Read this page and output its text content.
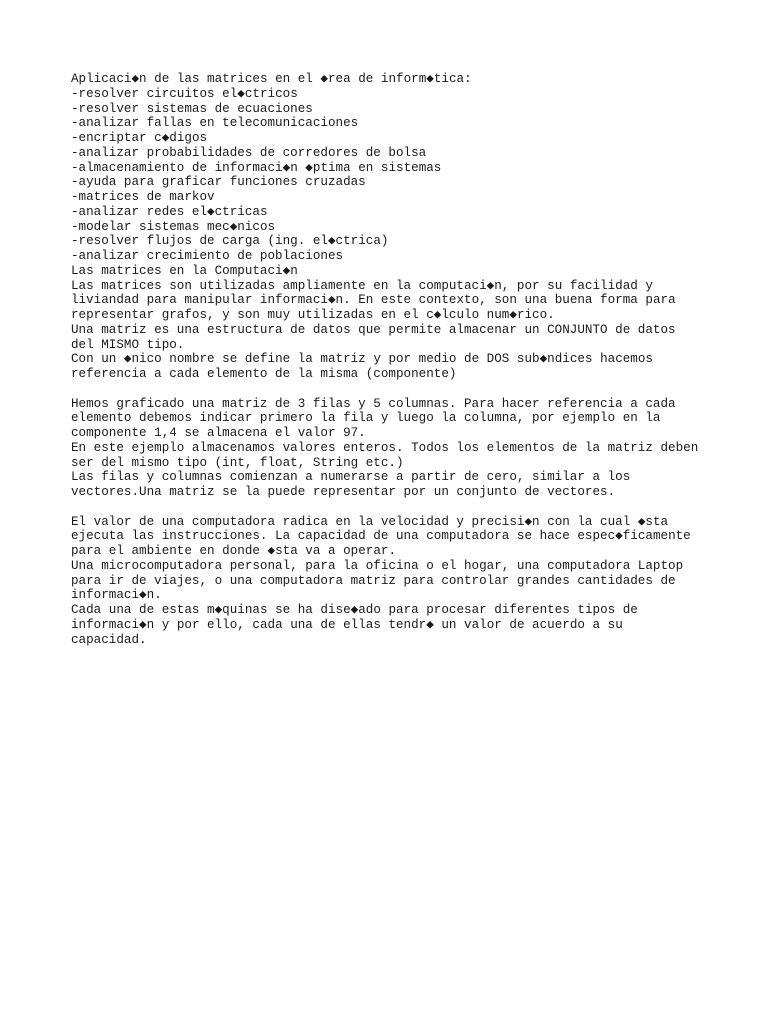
Aplicaci◆n de las matrices en el ◆rea de inform◆tica:
-resolver circuitos el◆ctricos
-resolver sistemas de ecuaciones
-analizar fallas en telecomunicaciones
-encriptar c◆digos
-analizar probabilidades de corredores de bolsa
-almacenamiento de informaci◆n ◆ptima en sistemas
-ayuda para graficar funciones cruzadas
-matrices de markov
-analizar redes el◆ctricas
-modelar sistemas mec◆nicos
-resolver flujos de carga (ing. el◆ctrica)
-analizar crecimiento de poblaciones
Las matrices en la Computaci◆n
Las matrices son utilizadas ampliamente en la computaci◆n, por su facilidad y
liviandad para manipular informaci◆n. En este contexto, son una buena forma para
representar grafos, y son muy utilizadas en el c◆lculo num◆rico.
Una matriz es una estructura de datos que permite almacenar un CONJUNTO de datos
del MISMO tipo.
Con un ◆nico nombre se define la matriz y por medio de DOS sub◆ndices hacemos
referencia a cada elemento de la misma (componente)
Hemos graficado una matriz de 3 filas y 5 columnas. Para hacer referencia a cada
elemento debemos indicar primero la fila y luego la columna, por ejemplo en la
componente 1,4 se almacena el valor 97.
En este ejemplo almacenamos valores enteros. Todos los elementos de la matriz deben
ser del mismo tipo (int, float, String etc.)
Las filas y columnas comienzan a numerarse a partir de cero, similar a los
vectores.Una matriz se la puede representar por un conjunto de vectores.
El valor de una computadora radica en la velocidad y precisi◆n con la cual ◆sta
ejecuta las instrucciones. La capacidad de una computadora se hace espec◆ficamente
para el ambiente en donde ◆sta va a operar.
Una microcomputadora personal, para la oficina o el hogar, una computadora Laptop
para ir de viajes, o una computadora matriz para controlar grandes cantidades de
informaci◆n.
Cada una de estas m◆quinas se ha dise◆ado para procesar diferentes tipos de
informaci◆n y por ello, cada una de ellas tendr◆ un valor de acuerdo a su
capacidad.
